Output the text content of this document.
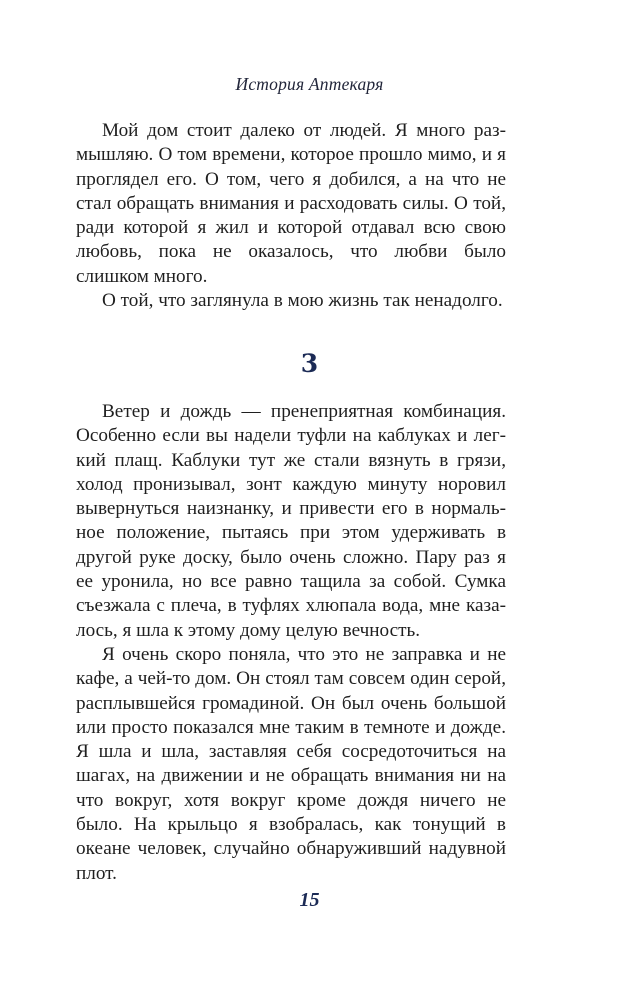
История Аптекаря

Мой дом стоит далеко от людей. Я много размышляю. О том времени, которое прошло мимо, и я проглядел его. О том, чего я добился, а на что не стал обращать внимания и расходовать силы. О той, ради которой я жил и которой отдавал всю свою любовь, пока не оказалось, что любви было слишком много.

О той, что заглянула в мою жизнь так ненадолго.

3

Ветер и дождь — пренеприятная комбинация. Особенно если вы надели туфли на каблуках и легкий плащ. Каблуки тут же стали вязнуть в грязи, холод пронизывал, зонт каждую минуту норовил вывернуться наизнанку, и привести его в нормальное положение, пытаясь при этом удерживать в другой руке доску, было очень сложно. Пару раз я ее уронила, но все равно тащила за собой. Сумка съезжала с плеча, в туфлях хлюпала вода, мне казалось, я шла к этому дому целую вечность.

Я очень скоро поняла, что это не заправка и не кафе, а чей-то дом. Он стоял там совсем один серой, расплывшейся громадиной. Он был очень большой или просто показался мне таким в темноте и дожде. Я шла и шла, заставляя себя сосредоточиться на шагах, на движении и не обращать внимания ни на что вокруг, хотя вокруг кроме дождя ничего не было. На крыльцо я взобралась, как тонущий в океане человек, случайно обнаруживший надувной плот.

15
